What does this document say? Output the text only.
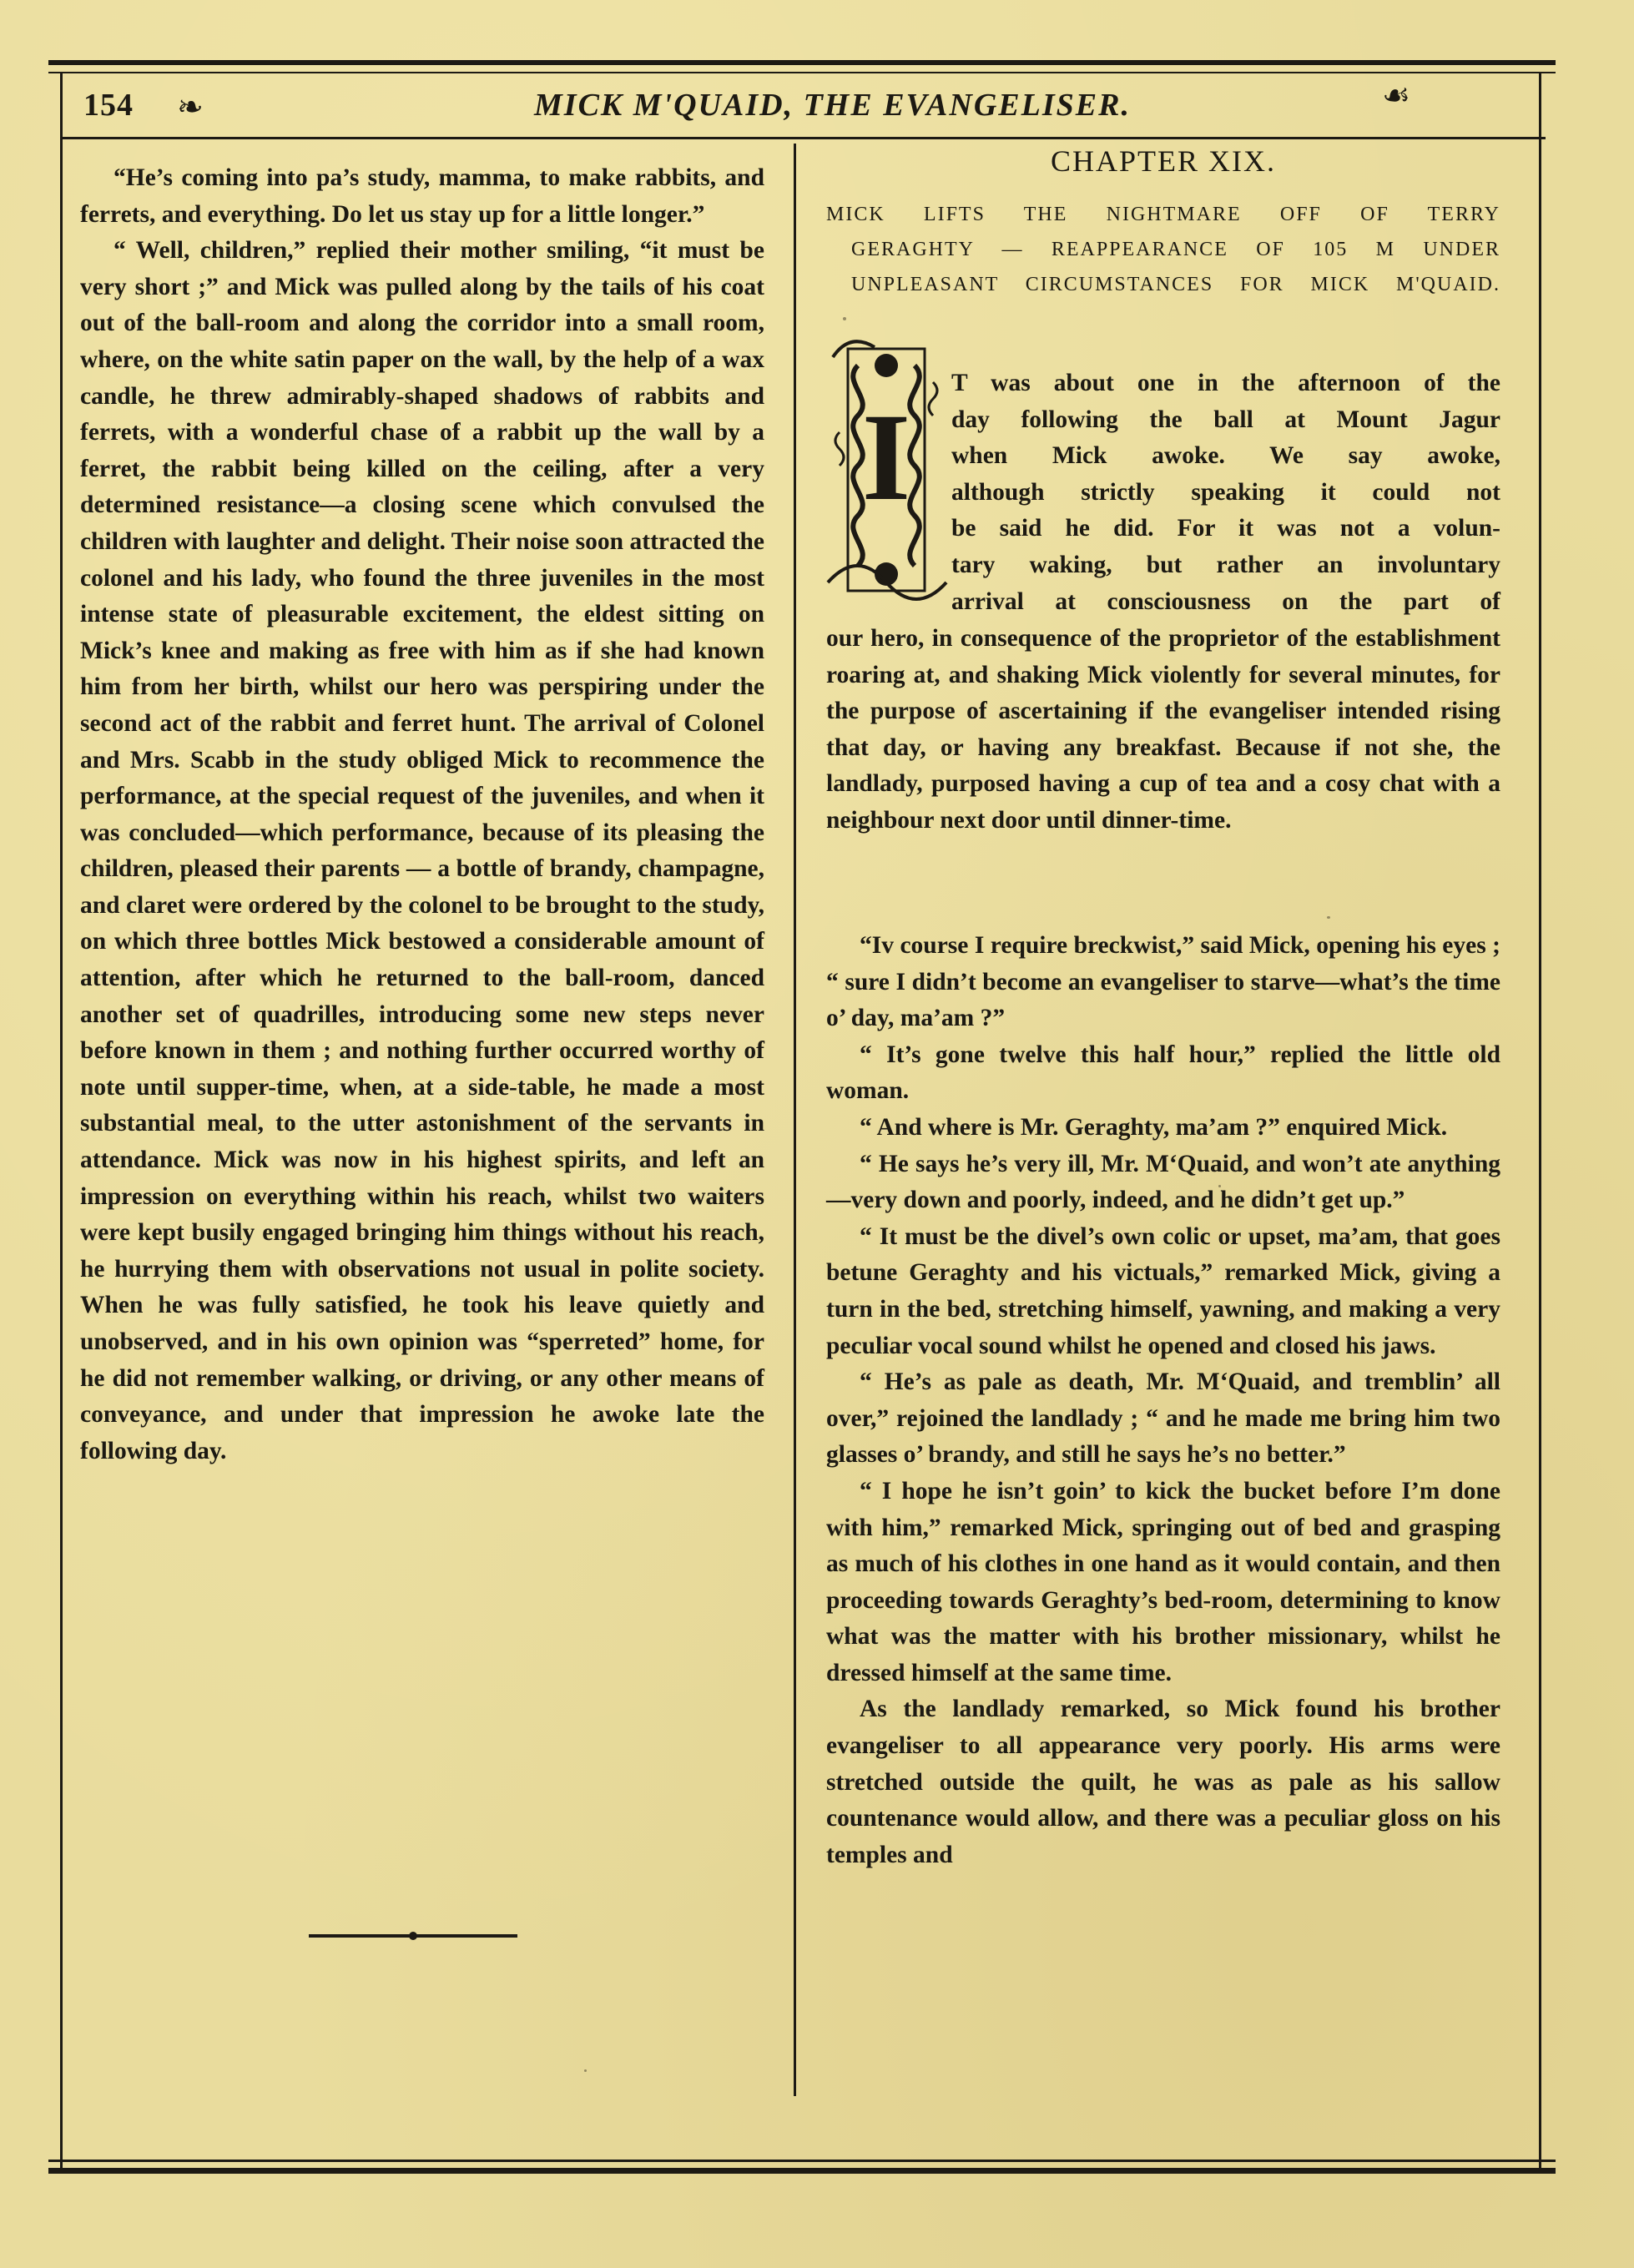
154 ❧	MICK M'QUAID, THE EVANGELISER.	☙

“He’s coming into pa’s study, mamma, to make rabbits, and ferrets, and everything. Do let us stay up for a little longer.”

“ Well, children,” replied their mother smiling, “it must be very short ;” and Mick was pulled along by the tails of his coat out of the ball-room and along the corridor into a small room, where, on the white satin paper on the wall, by the help of a wax candle, he threw admirably-shaped shadows of rabbits and ferrets, with a wonderful chase of a rabbit up the wall by a ferret, the rabbit being killed on the ceiling, after a very determined resistance—a closing scene which convulsed the children with laughter and delight. Their noise soon attracted the colonel and his lady, who found the three juveniles in the most intense state of pleasurable excitement, the eldest sitting on Mick’s knee and making as free with him as if she had known him from her birth, whilst our hero was perspiring under the second act of the rabbit and ferret hunt. The arrival of Colonel and Mrs. Scabb in the study obliged Mick to recommence the performance, at the special request of the juveniles, and when it was concluded—which performance, because of its pleasing the children, pleased their parents — a bottle of brandy, champagne, and claret were ordered by the colonel to be brought to the study, on which three bottles Mick bestowed a considerable amount of attention, after which he returned to the ball-room, danced another set of quadrilles, introducing some new steps never before known in them ; and nothing further occurred worthy of note until supper-time, when, at a side-table, he made a most substantial meal, to the utter astonishment of the servants in attendance. Mick was now in his highest spirits, and left an impression on everything within his reach, whilst two waiters were kept busily engaged bringing him things without his reach, he hurrying them with observations not usual in polite society. When he was fully satisfied, he took his leave quietly and unobserved, and in his own opinion was “sperreted” home, for he did not remember walking, or driving, or any other means of conveyance, and under that impression he awoke late the following day.

CHAPTER XIX.
MICK LIFTS THE NIGHTMARE OFF OF TERRY
GERAGHTY — REAPPEARANCE OF 105 M UNDER
UNPLEASANT CIRCUMSTANCES FOR MICK M'QUAID.
I

T was about one in the afternoon of the

day following the ball at Mount Jagur

when Mick awoke. We say awoke,

although strictly speaking it could not

be said he did. For it was not a volun-

tary waking, but rather an involuntary

arrival at consciousness on the part of

our hero, in consequence of the proprietor of the establishment roaring at, and shaking Mick violently for several minutes, for the purpose of ascertaining if the evangeliser intended rising that day, or having any breakfast. Because if not she, the landlady, purposed having a cup of tea and a cosy chat with a neighbour next door until dinner-time.

“Iv course I require breckwist,” said Mick, opening his eyes ; “ sure I didn’t become an evangeliser to starve—what’s the time o’ day, ma’am ?”

“ It’s gone twelve this half hour,” replied the little old woman.

“ And where is Mr. Geraghty, ma’am ?” enquired Mick.

“ He says he’s very ill, Mr. M‘Quaid, and won’t ate anything—very down and poorly, indeed, and he didn’t get up.”

“ It must be the divel’s own colic or upset, ma’am, that goes betune Geraghty and his victuals,” remarked Mick, giving a turn in the bed, stretching himself, yawning, and making a very peculiar vocal sound whilst he opened and closed his jaws.

“ He’s as pale as death, Mr. M‘Quaid, and tremblin’ all over,” rejoined the landlady ; “ and he made me bring him two glasses o’ brandy, and still he says he’s no better.”

“ I hope he isn’t goin’ to kick the bucket before I’m done with him,” remarked Mick, springing out of bed and grasping as much of his clothes in one hand as it would contain, and then proceeding towards Geraghty’s bed-room, determining to know what was the matter with his brother missionary, whilst he dressed himself at the same time.

As the landlady remarked, so Mick found his brother evangeliser to all appearance very poorly. His arms were stretched outside the quilt, he was as pale as his sallow countenance would allow, and there was a peculiar gloss on his temples and
